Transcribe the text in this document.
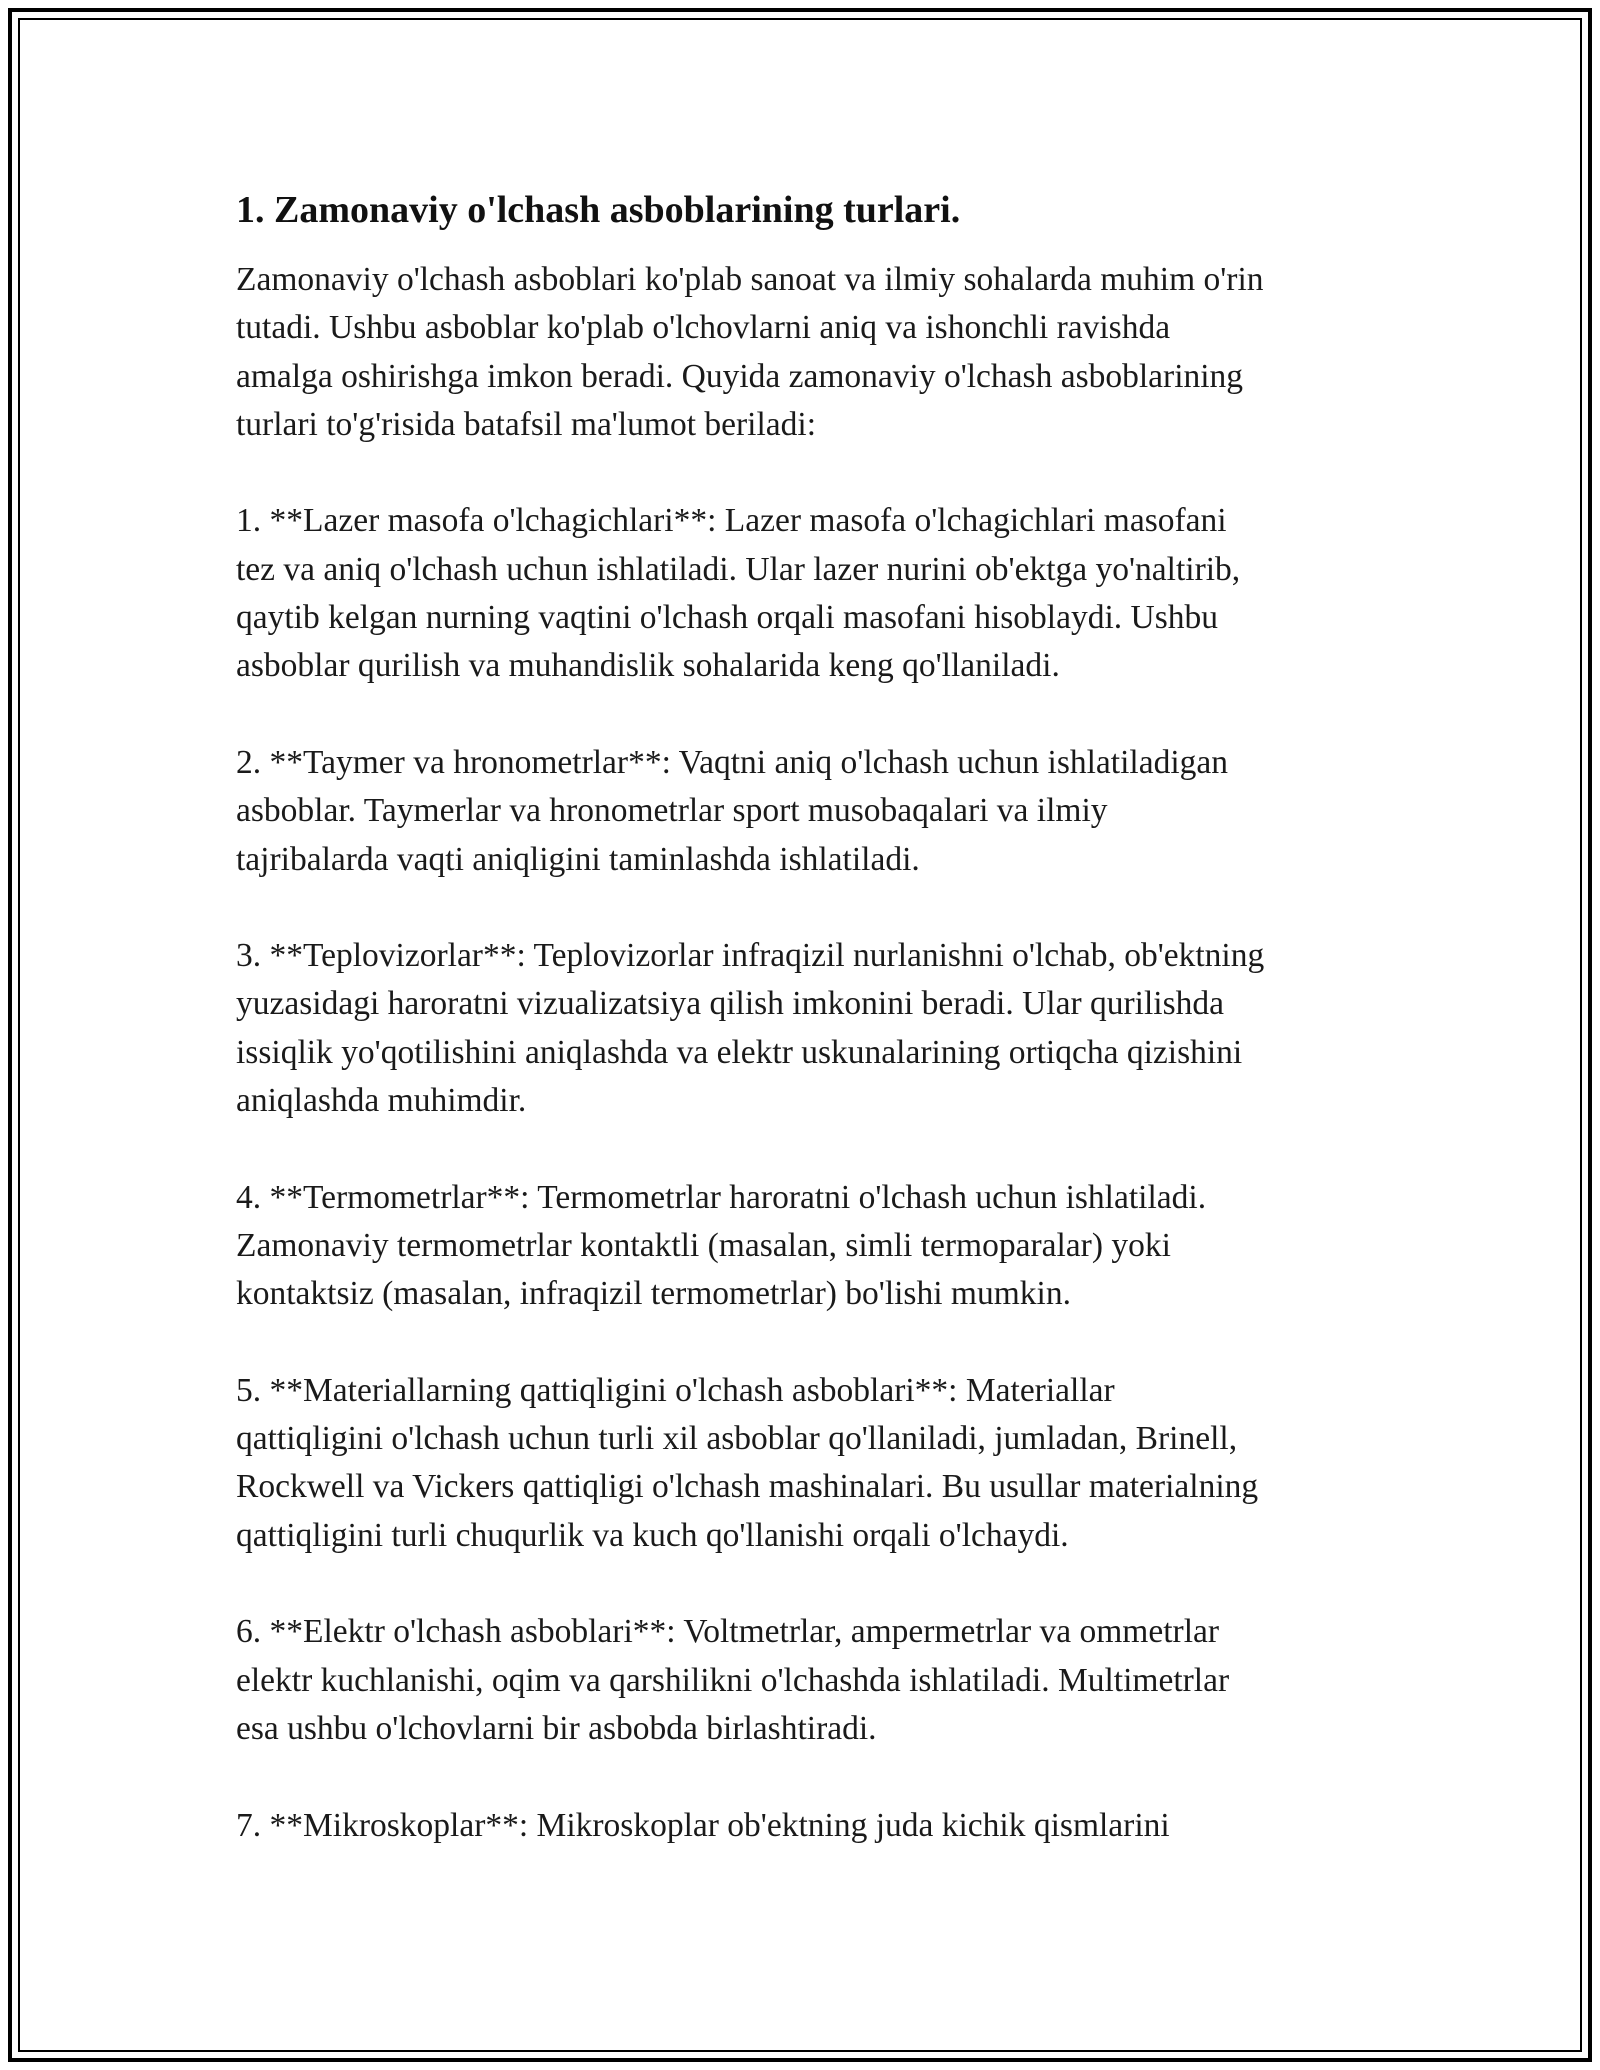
1. Zamonaviy o'lchash asboblarining turlari.
Zamonaviy o'lchash asboblari ko'plab sanoat va ilmiy sohalarda muhim o'rin
tutadi. Ushbu asboblar ko'plab o'lchovlarni aniq va ishonchli ravishda
amalga oshirishga imkon beradi. Quyida zamonaviy o'lchash asboblarining
turlari to'g'risida batafsil ma'lumot beriladi:
1. **Lazer masofa o'lchagichlari**: Lazer masofa o'lchagichlari masofani
tez va aniq o'lchash uchun ishlatiladi. Ular lazer nurini ob'ektga yo'naltirib,
qaytib kelgan nurning vaqtini o'lchash orqali masofani hisoblaydi. Ushbu
asboblar qurilish va muhandislik sohalarida keng qo'llaniladi.
2. **Taymer va hronometrlar**: Vaqtni aniq o'lchash uchun ishlatiladigan
asboblar. Taymerlar va hronometrlar sport musobaqalari va ilmiy
tajribalarda vaqti aniqligini taminlashda ishlatiladi.
3. **Teplovizorlar**: Teplovizorlar infraqizil nurlanishni o'lchab, ob'ektning
yuzasidagi haroratni vizualizatsiya qilish imkonini beradi. Ular qurilishda
issiqlik yo'qotilishini aniqlashda va elektr uskunalarining ortiqcha qizishini
aniqlashda muhimdir.
4. **Termometrlar**: Termometrlar haroratni o'lchash uchun ishlatiladi.
Zamonaviy termometrlar kontaktli (masalan, simli termoparalar) yoki
kontaktsiz (masalan, infraqizil termometrlar) bo'lishi mumkin.
5. **Materiallarning qattiqligini o'lchash asboblari**: Materiallar
qattiqligini o'lchash uchun turli xil asboblar qo'llaniladi, jumladan, Brinell,
Rockwell va Vickers qattiqligi o'lchash mashinalari. Bu usullar materialning
qattiqligini turli chuqurlik va kuch qo'llanishi orqali o'lchaydi.
6. **Elektr o'lchash asboblari**: Voltmetrlar, ampermetrlar va ommetrlar
elektr kuchlanishi, oqim va qarshilikni o'lchashda ishlatiladi. Multimetrlar
esa ushbu o'lchovlarni bir asbobda birlashtiradi.
7. **Mikroskoplar**: Mikroskoplar ob'ektning juda kichik qismlarini
